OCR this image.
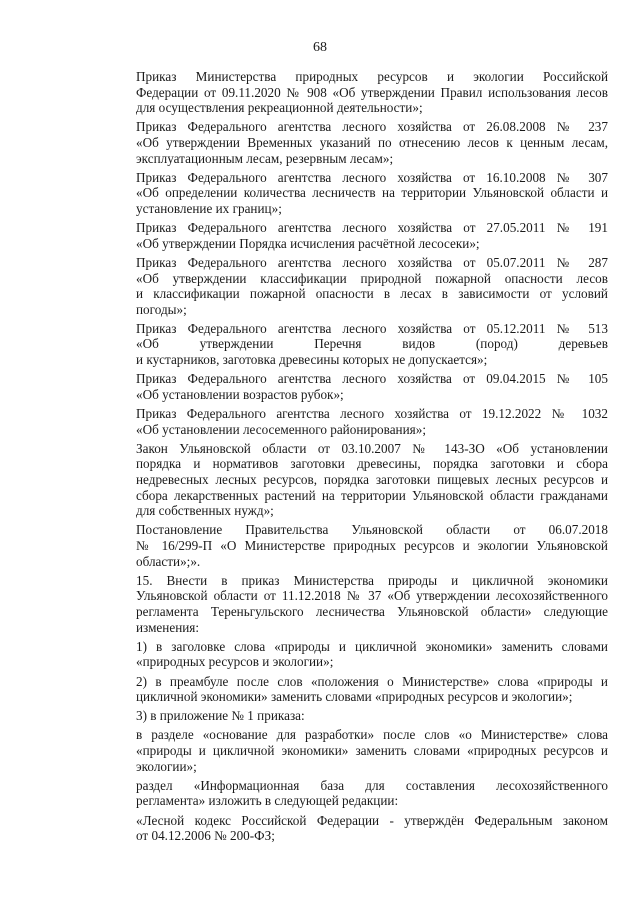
68

Приказ Министерства природных ресурсов и экологии Российской
Федерации от 09.11.2020 № 908 «Об утверждении Правил использования лесов
для осуществления рекреационной деятельности»;

Приказ Федерального агентства лесного хозяйства от 26.08.2008 № 237
«Об утверждении Временных указаний по отнесению лесов к ценным лесам,
эксплуатационным лесам, резервным лесам»;

Приказ Федерального агентства лесного хозяйства от 16.10.2008 № 307
«Об определении количества лесничеств на территории Ульяновской области и
установление их границ»;

Приказ Федерального агентства лесного хозяйства от 27.05.2011 № 191
«Об утверждении Порядка исчисления расчётной лесосеки»;

Приказ Федерального агентства лесного хозяйства от 05.07.2011 № 287
«Об утверждении классификации природной пожарной опасности лесов
и классификации пожарной опасности в лесах в зависимости от условий
погоды»;

Приказ Федерального агентства лесного хозяйства от 05.12.2011 № 513
«Об утверждении Перечня видов (пород) деревьев
и кустарников, заготовка древесины которых не допускается»;

Приказ Федерального агентства лесного хозяйства от 09.04.2015 № 105
«Об установлении возрастов рубок»;

Приказ Федерального агентства лесного хозяйства от 19.12.2022 № 1032
«Об установлении лесосеменного районирования»;

Закон Ульяновской области от 03.10.2007 № 143-ЗО «Об установлении
порядка и нормативов заготовки древесины, порядка заготовки и сбора
недревесных лесных ресурсов, порядка заготовки пищевых лесных ресурсов и
сбора лекарственных растений на территории Ульяновской области гражданами
для собственных нужд»;

Постановление Правительства Ульяновской области от 06.07.2018
№ 16/299-П «О Министерстве природных ресурсов и экологии Ульяновской
области»;».

15. Внести в приказ Министерства природы и цикличной экономики
Ульяновской области от 11.12.2018 № 37 «Об утверждении лесохозяйственного
регламента Тереньгульского лесничества Ульяновской области» следующие
изменения:

1) в заголовке слова «природы и цикличной экономики» заменить словами
«природных ресурсов и экологии»;

2) в преамбуле после слов «положения о Министерстве» слова «природы и
цикличной экономики» заменить словами «природных ресурсов и экологии»;

3) в приложение № 1 приказа:

в разделе «основание для разработки» после слов «о Министерстве» слова
«природы и цикличной экономики» заменить словами «природных ресурсов и
экологии»;

раздел «Информационная база для составления лесохозяйственного
регламента» изложить в следующей редакции:

«Лесной кодекс Российской Федерации - утверждён Федеральным законом
от 04.12.2006 № 200-ФЗ;
